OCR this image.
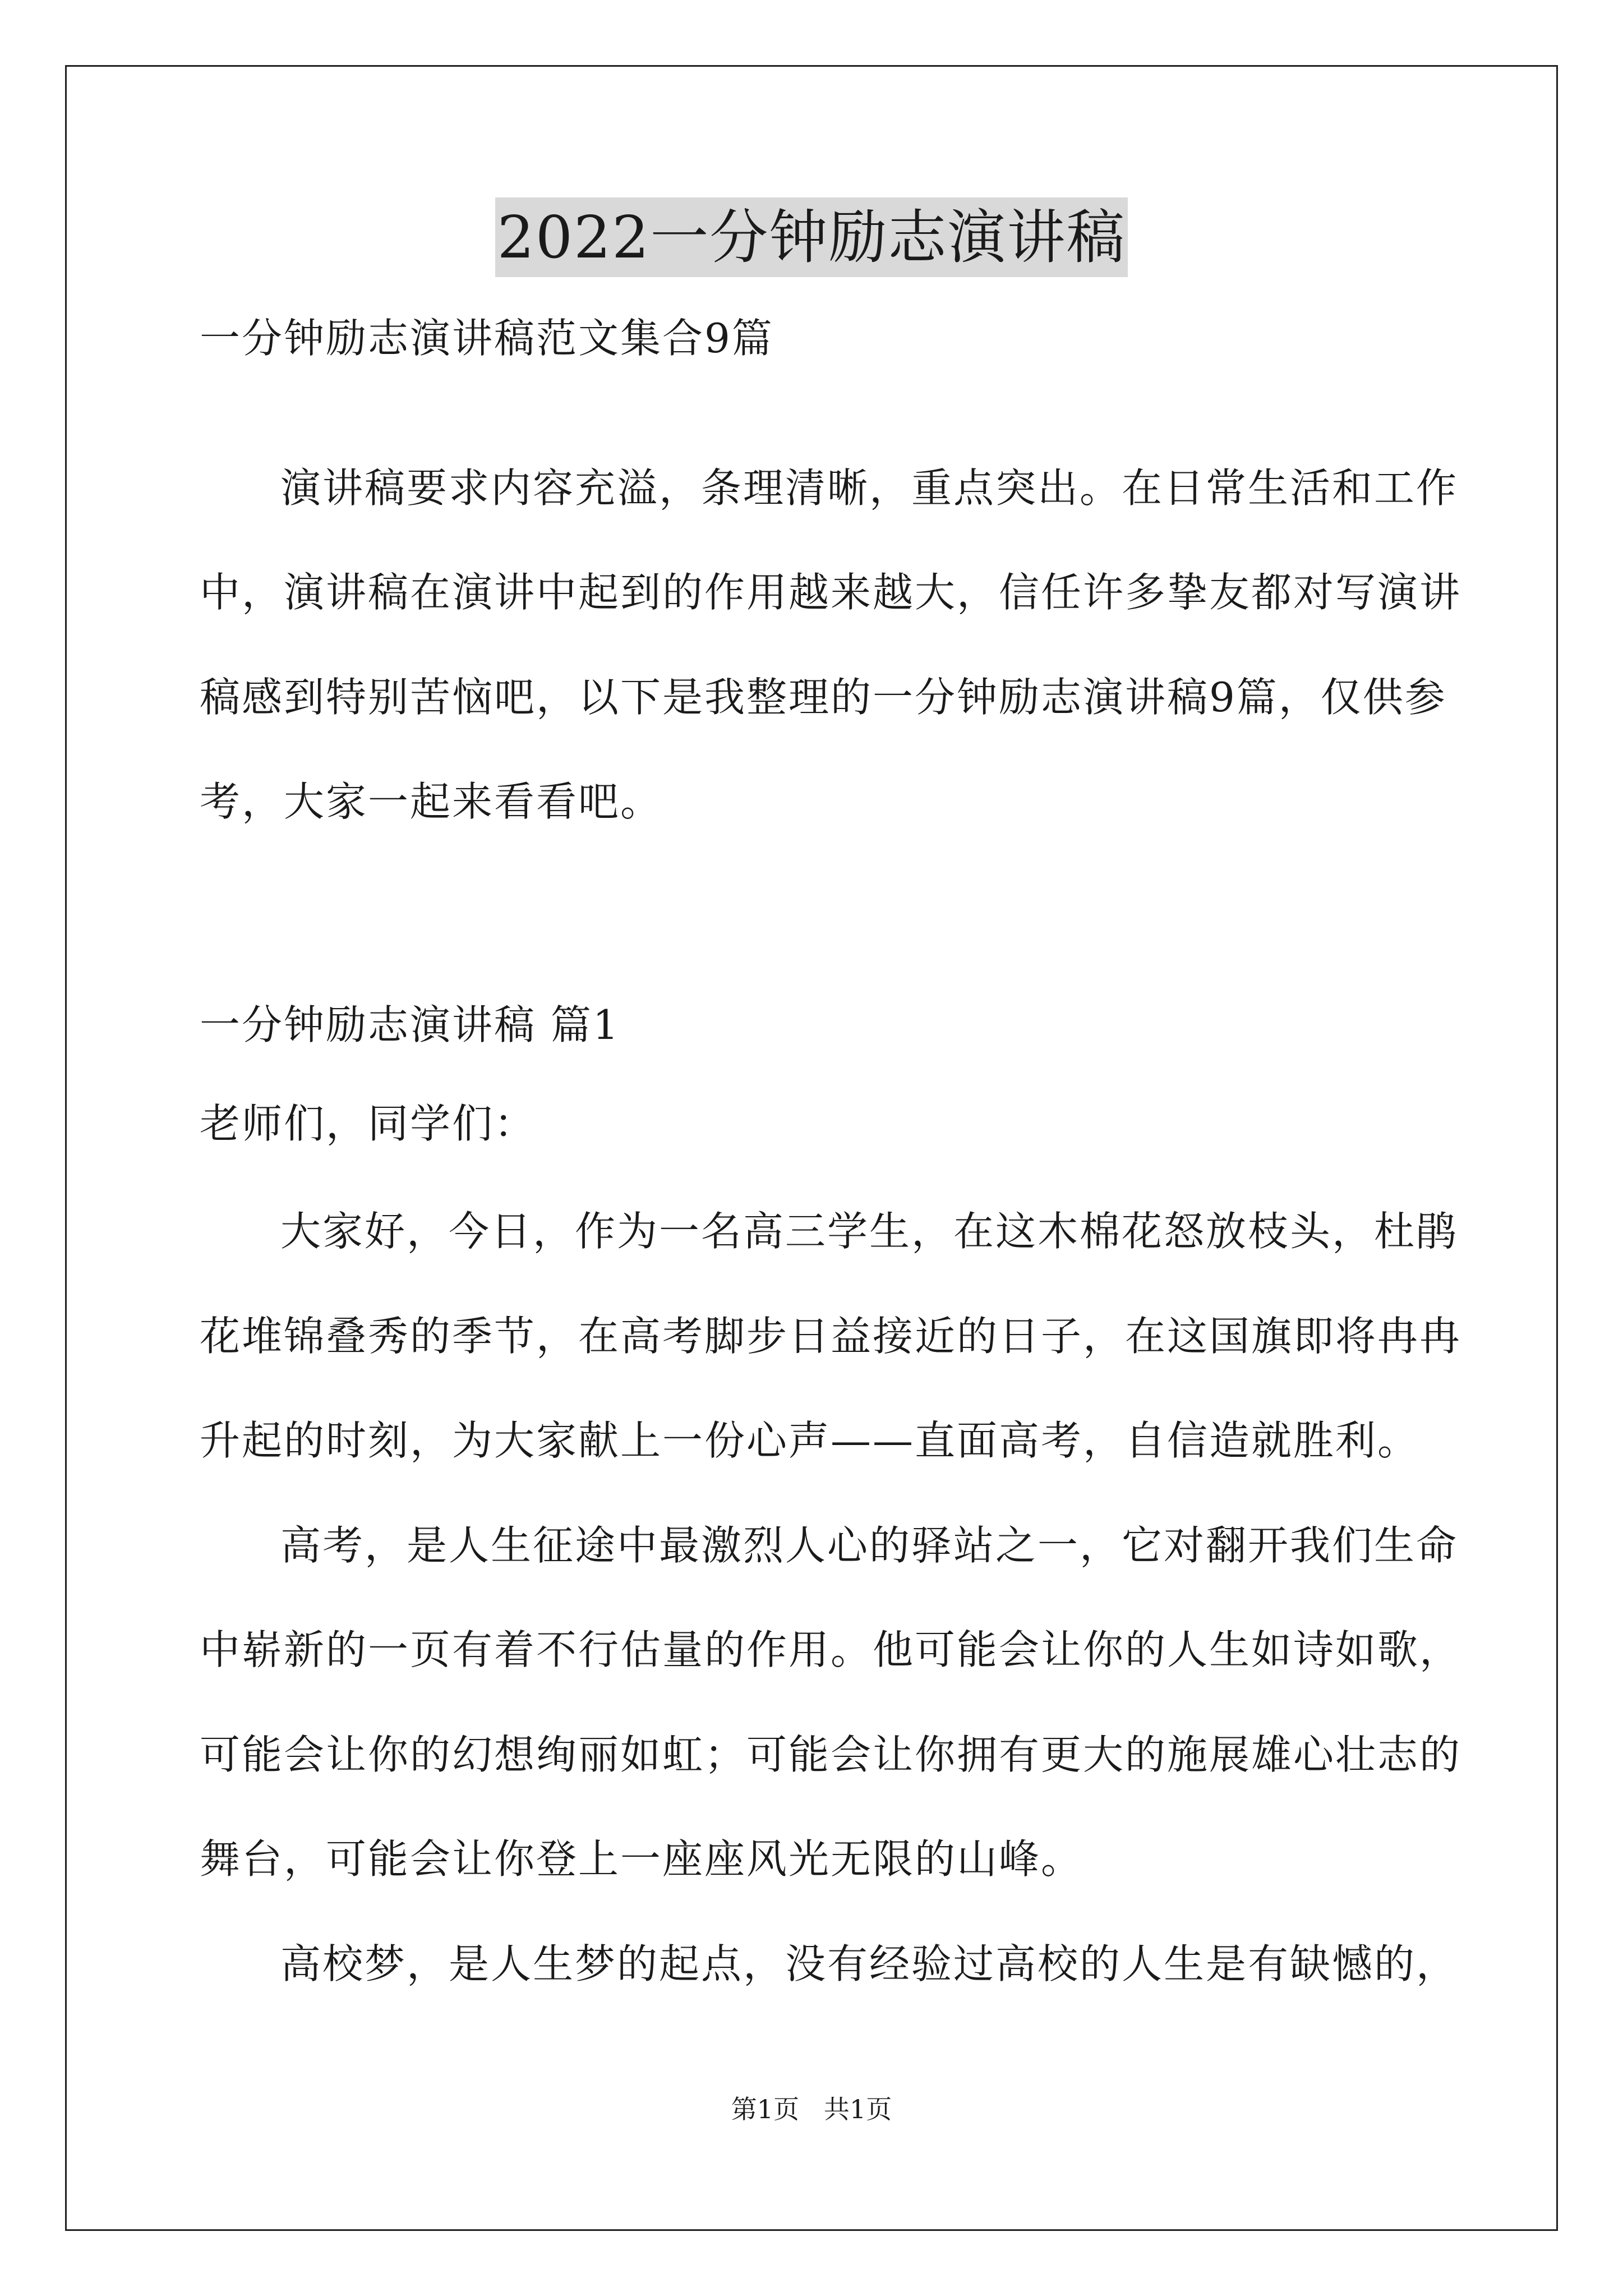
2022一分钟励志演讲稿
一分钟励志演讲稿范文集合9篇
演讲稿要求内容充溢，条理清晰，重点突出。在日常生活和工作
中，演讲稿在演讲中起到的作用越来越大，信任许多挚友都对写演讲
稿感到特别苦恼吧，以下是我整理的一分钟励志演讲稿9篇，仅供参
考，大家一起来看看吧。
一分钟励志演讲稿 篇1
老师们，同学们：
大家好，今日，作为一名高三学生，在这木棉花怒放枝头，杜鹃
花堆锦叠秀的季节，在高考脚步日益接近的日子，在这国旗即将冉冉
升起的时刻，为大家献上一份心声——直面高考，自信造就胜利。
高考，是人生征途中最激烈人心的驿站之一，它对翻开我们生命
中崭新的一页有着不行估量的作用。他可能会让你的人生如诗如歌，
可能会让你的幻想绚丽如虹；可能会让你拥有更大的施展雄心壮志的
舞台，可能会让你登上一座座风光无限的山峰。
高校梦，是人生梦的起点，没有经验过高校的人生是有缺憾的，
第1页   共1页
